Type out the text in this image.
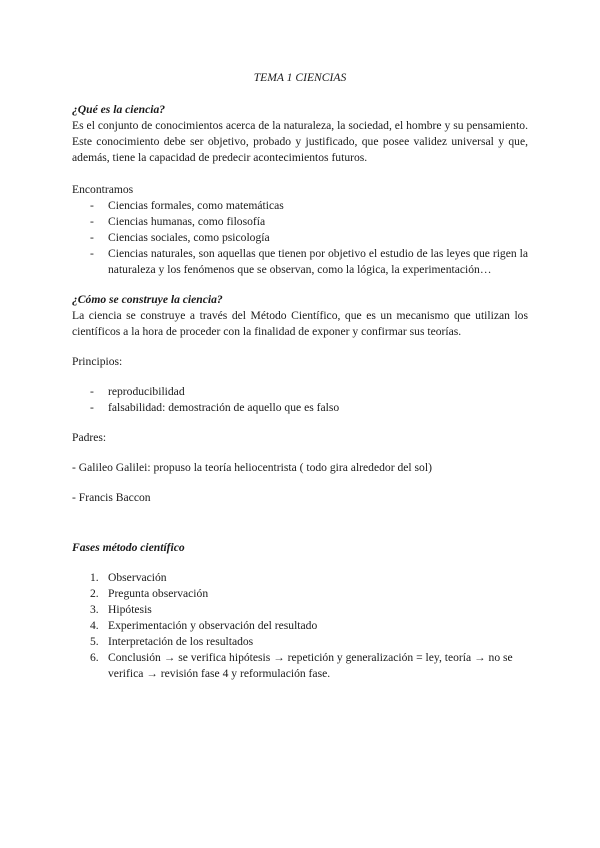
TEMA 1 CIENCIAS

¿Qué es la ciencia?

Es el conjunto de conocimientos acerca de la naturaleza, la sociedad, el hombre y su pensamiento. Este conocimiento debe ser objetivo, probado y justificado, que posee validez universal y que, además, tiene la capacidad de predecir acontecimientos futuros.

Encontramos

- Ciencias formales, como matemáticas
- Ciencias humanas, como filosofía
- Ciencias sociales, como psicología
- Ciencias naturales, son aquellas que tienen por objetivo el estudio de las leyes que rigen la naturaleza y los fenómenos que se observan, como la lógica, la experimentación…

¿Cómo se construye la ciencia?

La ciencia se construye a través del Método Científico, que es un mecanismo que utilizan los científicos a la hora de proceder con la finalidad de exponer y confirmar sus teorías.

Principios:

- reproducibilidad
- falsabilidad: demostración de aquello que es falso

Padres:

- Galileo Galilei: propuso la teoría heliocentrista ( todo gira alrededor del sol)

- Francis Baccon

Fases método científico

1. Observación
2. Pregunta observación
3. Hipótesis
4. Experimentación y observación del resultado
5. Interpretación de los resultados
6. Conclusión → se verifica hipótesis → repetición y generalización = ley, teoría → no se verifica → revisión fase 4 y reformulación fase.
